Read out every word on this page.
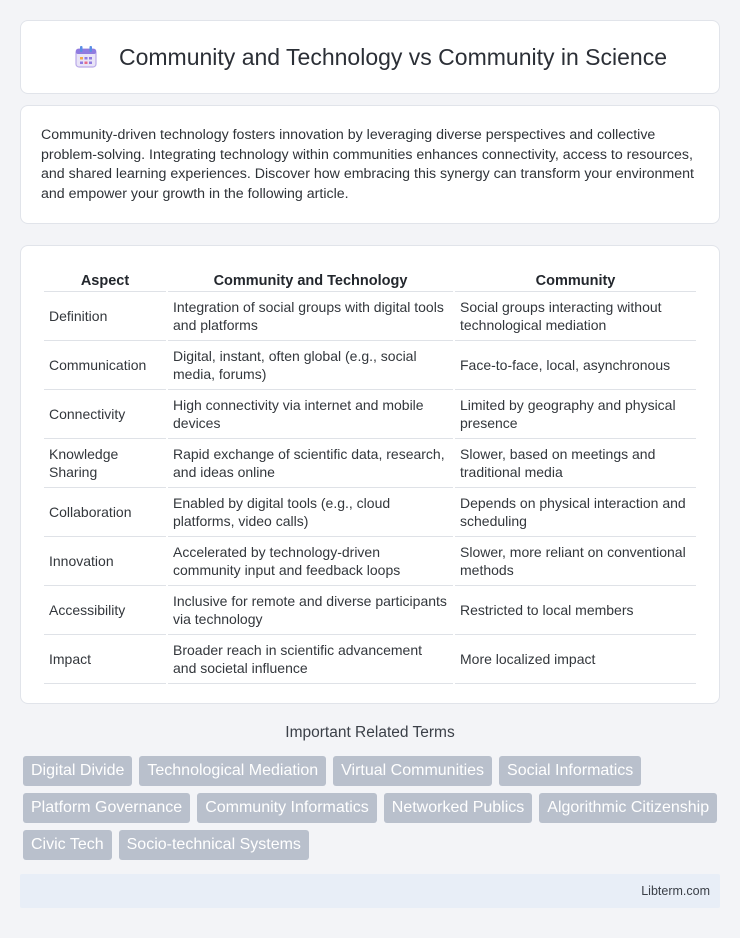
Community and Technology vs Community in Science

Community-driven technology fosters innovation by leveraging diverse perspectives and collective problem-solving. Integrating technology within communities enhances connectivity, access to resources, and shared learning experiences. Discover how embracing this synergy can transform your environment and empower your growth in the following article.

Aspect	Community and Technology	Community
Definition	Integration of social groups with digital tools and platforms	Social groups interacting without technological mediation
Communication	Digital, instant, often global (e.g., social media, forums)	Face-to-face, local, asynchronous
Connectivity	High connectivity via internet and mobile devices	Limited by geography and physical presence
Knowledge Sharing	Rapid exchange of scientific data, research, and ideas online	Slower, based on meetings and traditional media
Collaboration	Enabled by digital tools (e.g., cloud platforms, video calls)	Depends on physical interaction and scheduling
Innovation	Accelerated by technology-driven community input and feedback loops	Slower, more reliant on conventional methods
Accessibility	Inclusive for remote and diverse participants via technology	Restricted to local members
Impact	Broader reach in scientific advancement and societal influence	More localized impact
Important Related Terms
Digital Divide	Technological Mediation	Virtual Communities	Social Informatics
Platform Governance	Community Informatics	Networked Publics	Algorithmic Citizenship
Civic Tech	Socio-technical Systems
Libterm.com
